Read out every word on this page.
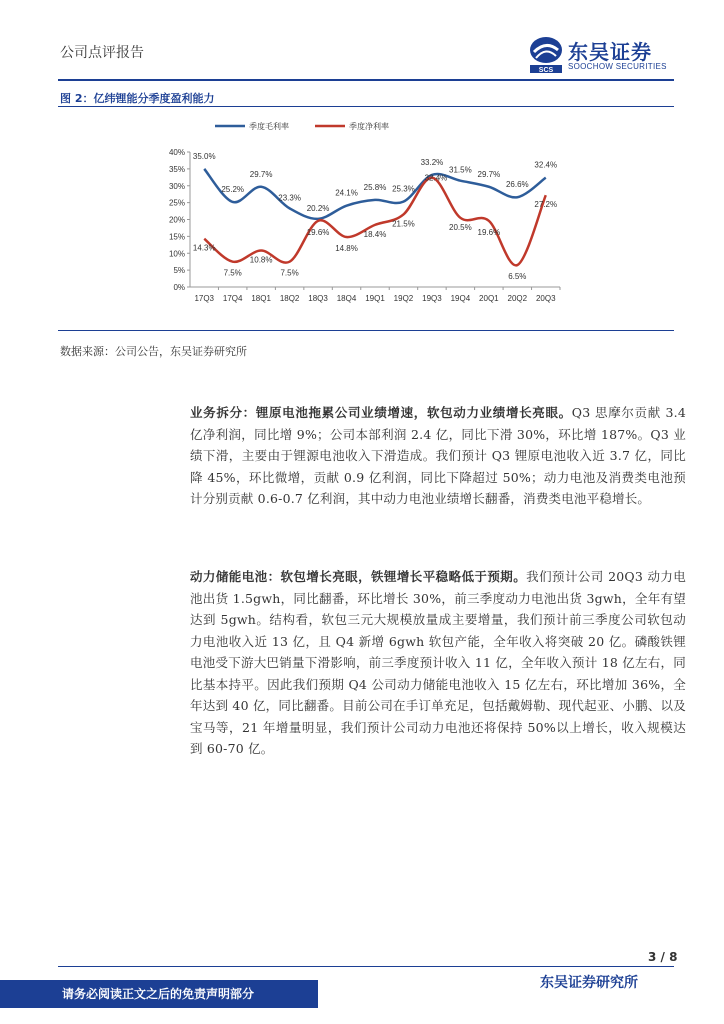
公司点评报告
SCS
东吴证券
SOOCHOW SECURITIES
图 2：亿纬锂能分季度盈利能力
0%
5%
10%
15%
20%
25%
30%
35%
40%
17Q3 17Q4 18Q1 18Q2 18Q3 18Q4 19Q1 19Q2 19Q3 19Q4 20Q1 20Q2 20Q3
35.0%
25.2%
29.7%
23.3%
20.2%
24.1%
25.8% 25.3%
33.2%
31.5% 29.7%
26.6%
32.4%
14.3%
7.5%
10.8%
7.5%
19.6%
14.8%
18.4%
21.5%
32.4%
20.5%
19.6%
6.5%
27.2%
季度毛利率	季度净利率
数据来源：公司公告，东吴证券研究所
业务拆分：锂原电池拖累公司业绩增速，软包动力业绩增长亮眼。Q3 思摩尔贡献 3.4 亿净利润，同比增 9%；公司本部利润 2.4 亿，同比下滑 30%，环比增 187%。Q3 业绩下滑，主要由于锂源电池收入下滑造成。我们预计 Q3 锂原电池收入近 3.7 亿，同比降 45%，环比微增，贡献 0.9 亿利润，同比下降超过 50%；动力电池及消费类电池预计分别贡献 0.6-0.7 亿利润，其中动力电池业绩增长翻番，消费类电池平稳增长。
动力储能电池：软包增长亮眼，铁锂增长平稳略低于预期。我们预计公司 20Q3 动力电池出货 1.5gwh，同比翻番，环比增长 30%，前三季度动力电池出货 3gwh，全年有望达到 5gwh。结构看，软包三元大规模放量成主要增量，我们预计前三季度公司软包动力电池收入近 13 亿，且 Q4 新增 6gwh 软包产能，全年收入将突破 20 亿。磷酸铁锂电池受下游大巴销量下滑影响，前三季度预计收入 11 亿，全年收入预计 18 亿左右，同比基本持平。因此我们预期 Q4 公司动力储能电池收入 15 亿左右，环比增加 36%，全年达到 40 亿，同比翻番。目前公司在手订单充足，包括戴姆勒、现代起亚、小鹏、以及宝马等，21 年增量明显，我们预计公司动力电池还将保持 50%以上增长，收入规模达到 60-70 亿。
3 / 8
请务必阅读正文之后的免责声明部分
东吴证券研究所
